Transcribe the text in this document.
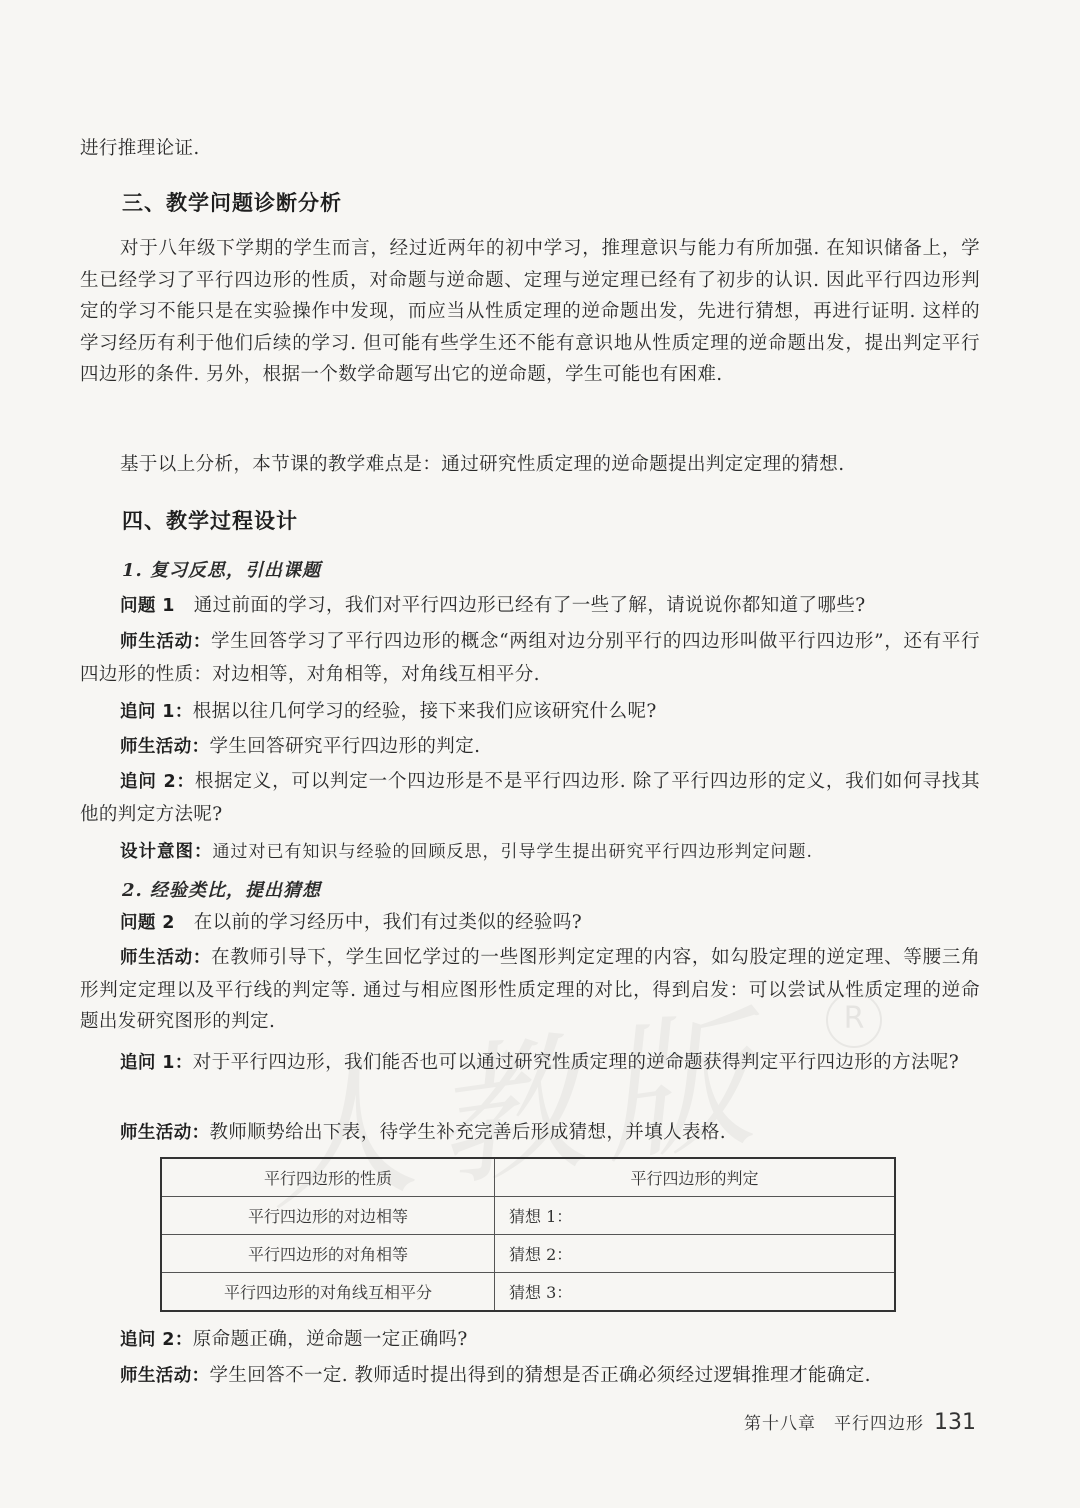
R
进行推理论证.
三、教学问题诊断分析
对于八年级下学期的学生而言，经过近两年的初中学习，推理意识与能力有所加强. 在知识储备上，学生已经学习了平行四边形的性质，对命题与逆命题、定理与逆定理已经有了初步的认识. 因此平行四边形判定的学习不能只是在实验操作中发现，而应当从性质定理的逆命题出发，先进行猜想，再进行证明. 这样的学习经历有利于他们后续的学习. 但可能有些学生还不能有意识地从性质定理的逆命题出发，提出判定平行四边形的条件. 另外，根据一个数学命题写出它的逆命题，学生可能也有困难.
基于以上分析，本节课的教学难点是：通过研究性质定理的逆命题提出判定定理的猜想.
四、教学过程设计
1. 复习反思，引出课题
问题 1 通过前面的学习，我们对平行四边形已经有了一些了解，请说说你都知道了哪些?
师生活动：学生回答学习了平行四边形的概念“两组对边分别平行的四边形叫做平行四边形”，还有平行四边形的性质：对边相等，对角相等，对角线互相平分.
追问 1：根据以往几何学习的经验，接下来我们应该研究什么呢?
师生活动：学生回答研究平行四边形的判定.
追问 2：根据定义，可以判定一个四边形是不是平行四边形. 除了平行四边形的定义，我们如何寻找其他的判定方法呢?
设计意图：通过对已有知识与经验的回顾反思，引导学生提出研究平行四边形判定问题.
2. 经验类比，提出猜想
问题 2 在以前的学习经历中，我们有过类似的经验吗?
师生活动：在教师引导下，学生回忆学过的一些图形判定定理的内容，如勾股定理的逆定理、等腰三角形判定定理以及平行线的判定等. 通过与相应图形性质定理的对比，得到启发：可以尝试从性质定理的逆命题出发研究图形的判定.
追问 1：对于平行四边形，我们能否也可以通过研究性质定理的逆命题获得判定平行四边形的方法呢?
师生活动：教师顺势给出下表，待学生补充完善后形成猜想，并填人表格.
平行四边形的性质	平行四边形的判定
平行四边形的对边相等	猜想 1：
平行四边形的对角相等	猜想 2：
平行四边形的对角线互相平分	猜想 3：
追问 2：原命题正确，逆命题一定正确吗?
师生活动：学生回答不一定. 教师适时提出得到的猜想是否正确必须经过逻辑推理才能确定.
第十八章　平行四边形 131
